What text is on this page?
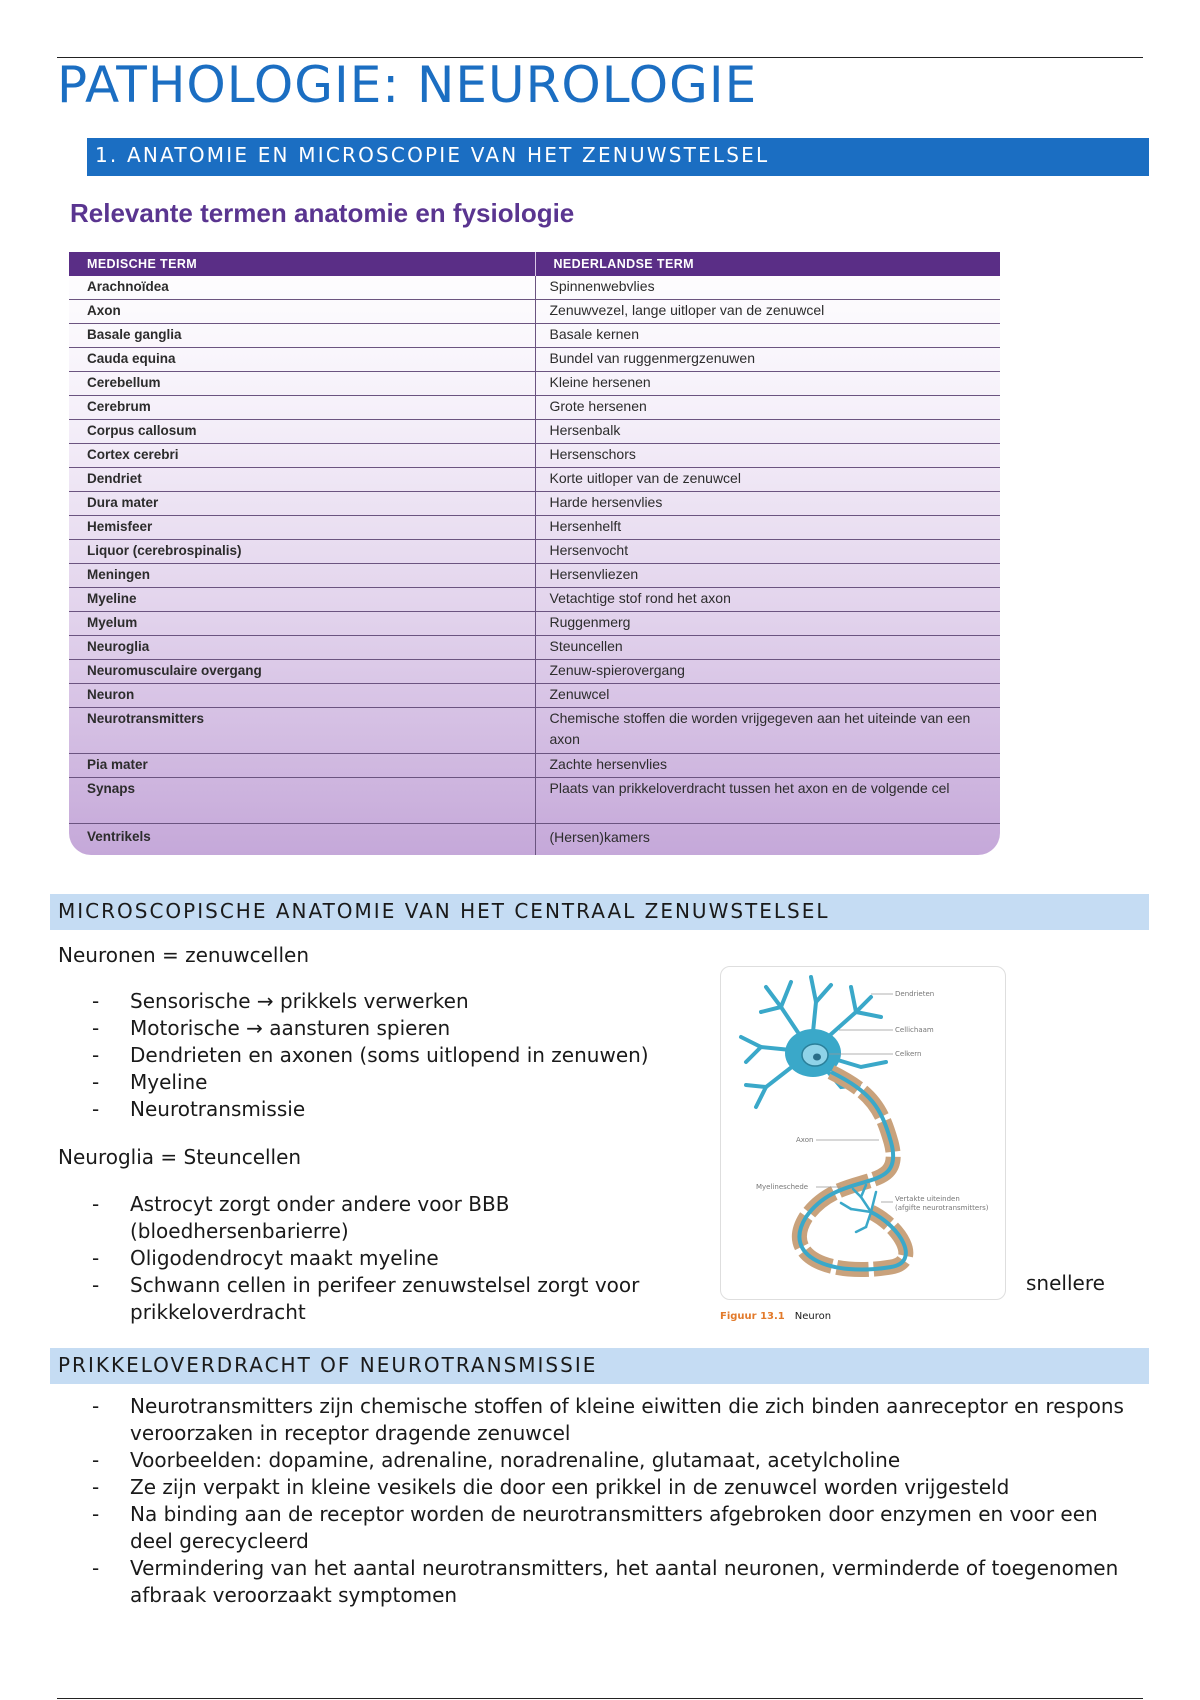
PATHOLOGIE: NEUROLOGIE
1. ANATOMIE EN MICROSCOPIE VAN HET ZENUWSTELSEL
Relevante termen anatomie en fysiologie
MEDISCHE TERM	NEDERLANDSE TERM
Arachnoïdea	Spinnenwebvlies
Axon	Zenuwvezel, lange uitloper van de zenuwcel
Basale ganglia	Basale kernen
Cauda equina	Bundel van ruggenmergzenuwen
Cerebellum	Kleine hersenen
Cerebrum	Grote hersenen
Corpus callosum	Hersenbalk
Cortex cerebri	Hersenschors
Dendriet	Korte uitloper van de zenuwcel
Dura mater	Harde hersenvlies
Hemisfeer	Hersenhelft
Liquor (cerebrospinalis)	Hersenvocht
Meningen	Hersenvliezen
Myeline	Vetachtige stof rond het axon
Myelum	Ruggenmerg
Neuroglia	Steuncellen
Neuromusculaire overgang	Zenuw-spierovergang
Neuron	Zenuwcel
Neurotransmitters	Chemische stoffen die worden vrijgegeven aan het uiteinde van een axon
Pia mater	Zachte hersenvlies
Synaps	Plaats van prikkeloverdracht tussen het axon en de volgende cel
Ventrikels	(Hersen)kamers
MICROSCOPISCHE ANATOMIE VAN HET CENTRAAL ZENUWSTELSEL
Neuronen = zenuwcellen
- Sensorische → prikkels verwerken
- Motorische → aansturen spieren
- Dendrieten en axonen (soms uitlopend in zenuwen)
- Myeline
- Neurotransmissie
Neuroglia = Steuncellen
- Astrocyt zorgt onder andere voor BBB (bloedhersenbarierre)
- Oligodendrocyt maakt myeline
- Schwann cellen in perifeer zenuwstelsel zorgt voor prikkeloverdracht
snellere
Dendrieten
Cellichaam
Celkern
Axon
Myelineschede
Vertakte uiteinden
(afgifte neurotransmitters)
Figuur 13.1 Neuron
PRIKKELOVERDRACHT OF NEUROTRANSMISSIE
- Neurotransmitters zijn chemische stoffen of kleine eiwitten die zich binden aanreceptor en respons veroorzaken in receptor dragende zenuwcel
- Voorbeelden: dopamine, adrenaline, noradrenaline, glutamaat, acetylcholine
- Ze zijn verpakt in kleine vesikels die door een prikkel in de zenuwcel worden vrijgesteld
- Na binding aan de receptor worden de neurotransmitters afgebroken door enzymen en voor een deel gerecycleerd
- Vermindering van het aantal neurotransmitters, het aantal neuronen, verminderde of toegenomen afbraak veroorzaakt symptomen
